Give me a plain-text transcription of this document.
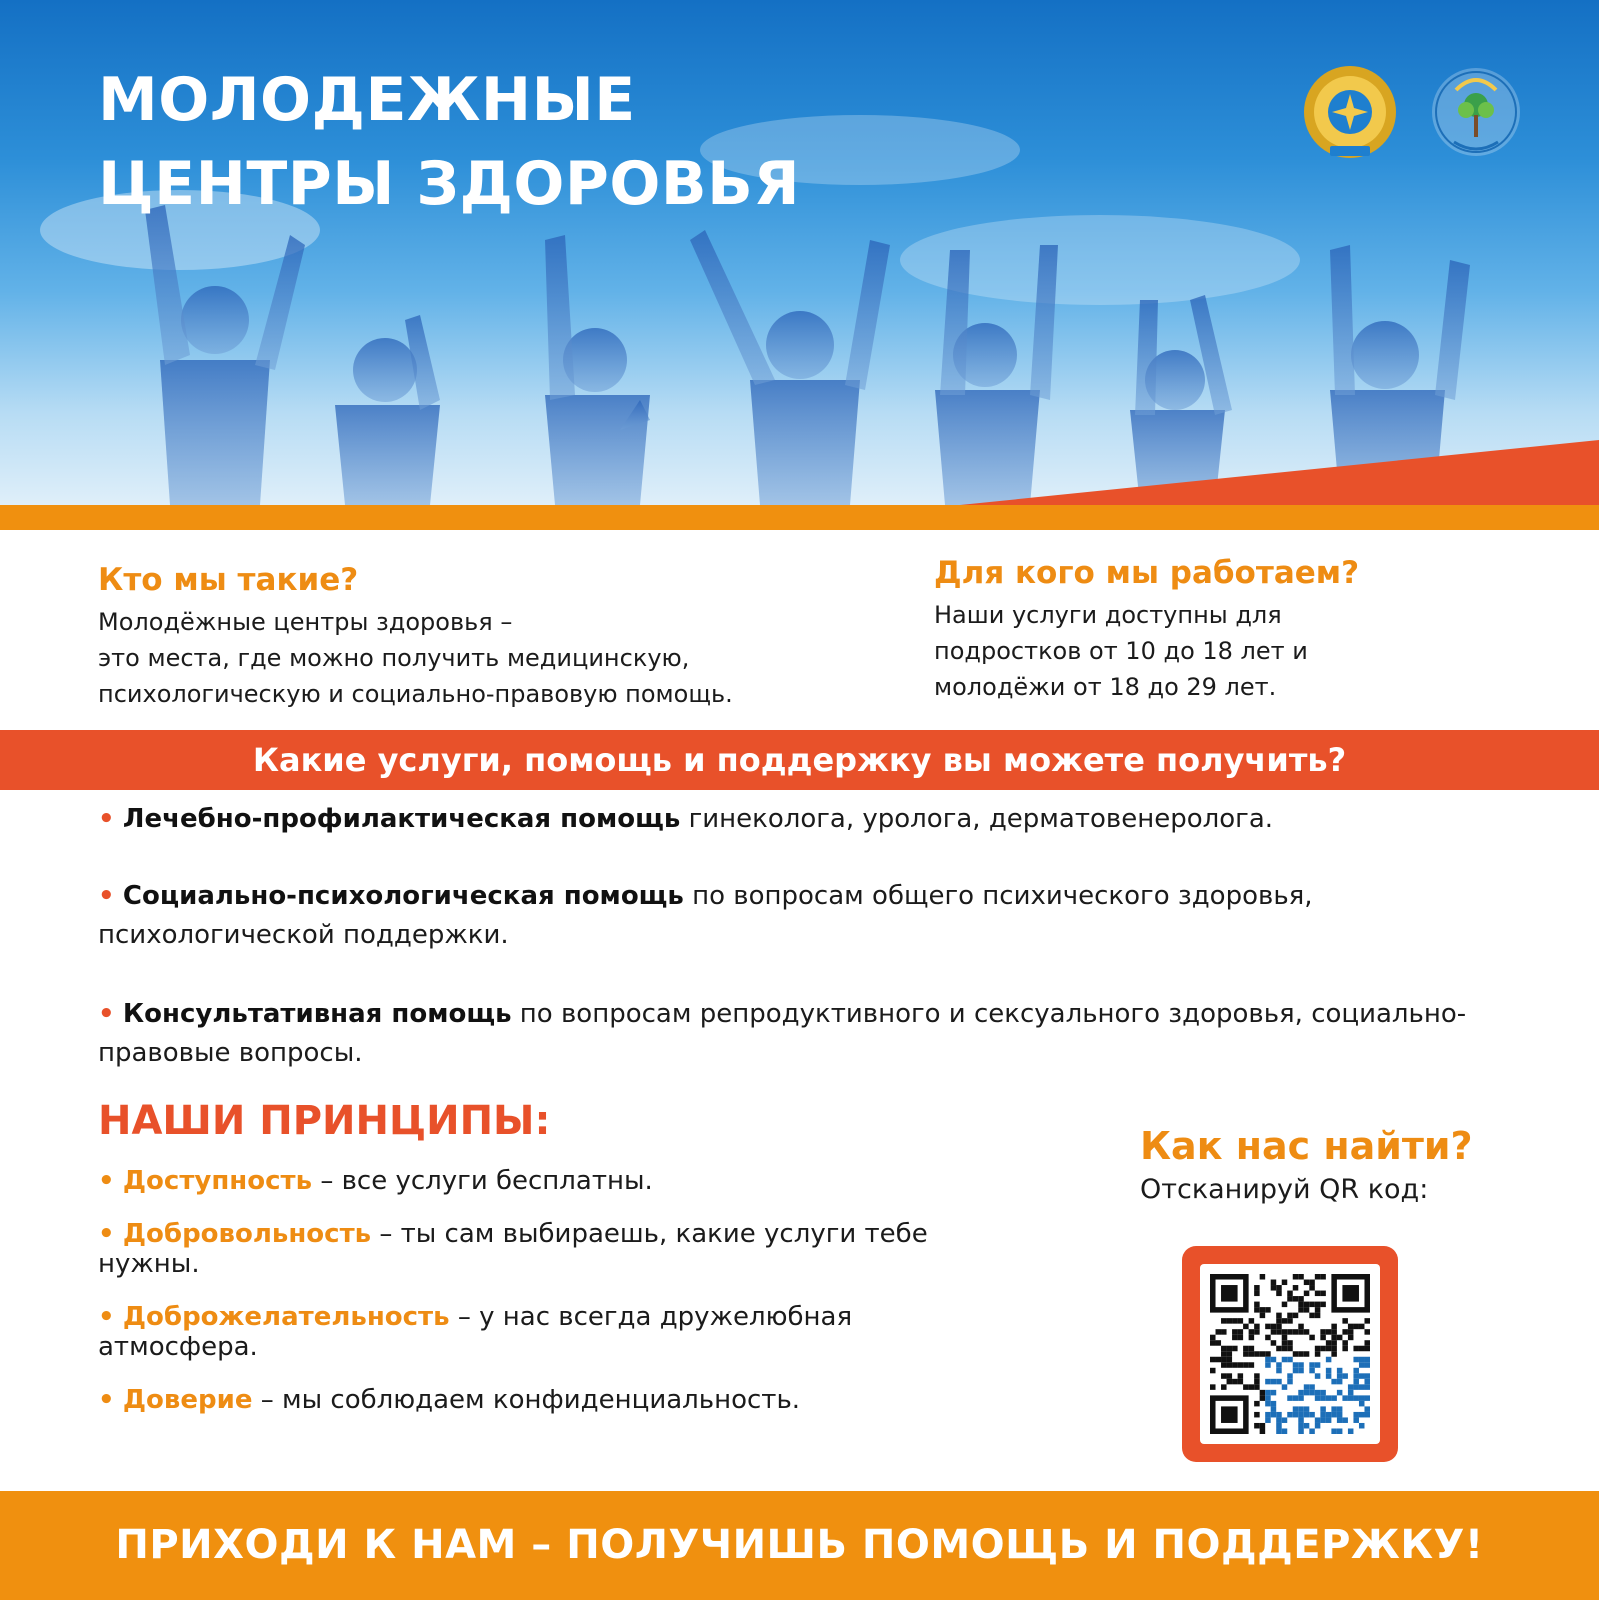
МОЛОДЕЖНЫЕ
ЦЕНТРЫ ЗДОРОВЬЯ
Кто мы такие?

Молодёжные центры здоровья –
это места, где можно получить медицинскую,
психологическую и социально-правовую помощь.

Для кого мы работаем?

Наши услуги доступны для
подростков от 10 до 18 лет и
молодёжи от 18 до 29 лет.

Какие услуги, помощь и поддержку вы можете получить?
• Лечебно-профилактическая помощь гинеколога, уролога, дерматовенеролога.
• Социально-психологическая помощь по вопросам общего психического здоровья, психологической поддержки.
• Консультативная помощь по вопросам репродуктивного и сексуального здоровья, социально-правовые вопросы.
НАШИ ПРИНЦИПЫ:
• Доступность – все услуги бесплатны.
• Добровольность – ты сам выбираешь, какие услуги тебе нужны.
• Доброжелательность – у нас всегда дружелюбная атмосфера.
• Доверие – мы соблюдаем конфиденциальность.
Как нас найти?

Отсканируй QR код:

ПРИХОДИ К НАМ – ПОЛУЧИШЬ ПОМОЩЬ И ПОДДЕРЖКУ!
